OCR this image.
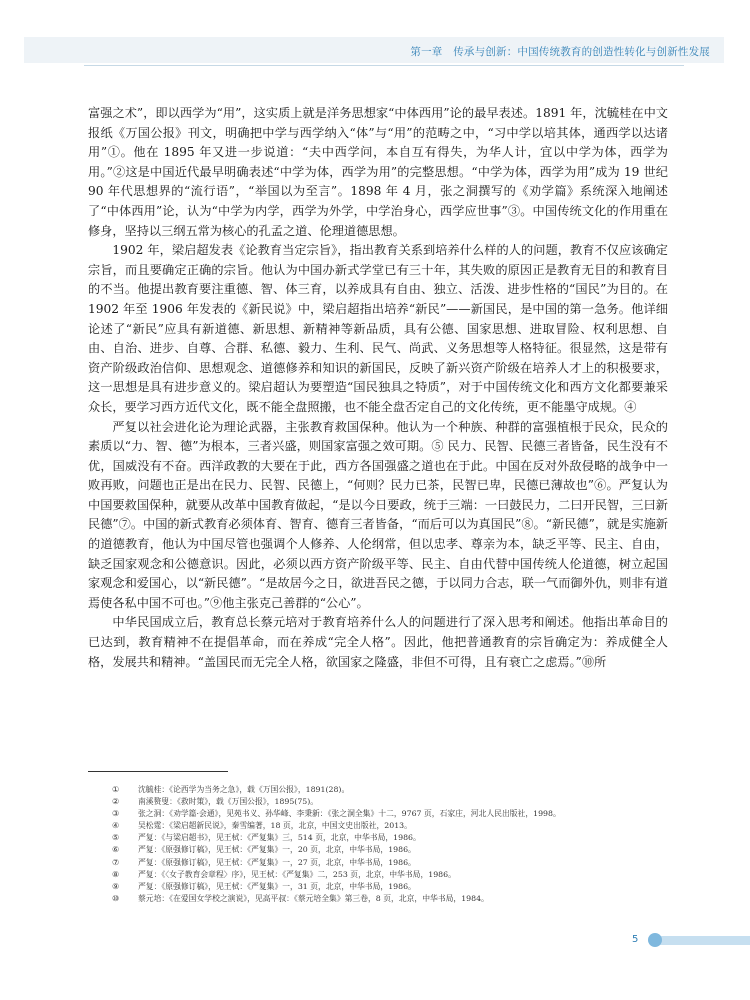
第一章　传承与创新：中国传统教育的创造性转化与创新性发展

富强之术”，即以西学为“用”，这实质上就是洋务思想家“中体西用”论的最早表述。1891 年，沈毓桂在中文报纸《万国公报》刊文，明确把中学与西学纳入“体”与“用”的范畴之中，“习中学以培其体，通西学以达诸用”①。他在 1895 年又进一步说道：“夫中西学问，本自互有得失，为华人计，宜以中学为体，西学为用。”②这是中国近代最早明确表述“中学为体，西学为用”的完整思想。“中学为体，西学为用”成为 19 世纪 90 年代思想界的“流行语”，“举国以为至言”。1898 年 4 月，张之洞撰写的《劝学篇》系统深入地阐述了“中体西用”论，认为“中学为内学，西学为外学，中学治身心，西学应世事”③。中国传统文化的作用重在修身，坚持以三纲五常为核心的孔孟之道、伦理道德思想。

1902 年，梁启超发表《论教育当定宗旨》，指出教育关系到培养什么样的人的问题，教育不仅应该确定宗旨，而且要确定正确的宗旨。他认为中国办新式学堂已有三十年，其失败的原因正是教育无目的和教育目的不当。他提出教育要注重德、智、体三育，以养成具有自由、独立、活泼、进步性格的“国民”为目的。在 1902 年至 1906 年发表的《新民说》中，梁启超指出培养“新民”——新国民，是中国的第一急务。他详细论述了“新民”应具有新道德、新思想、新精神等新品质，具有公德、国家思想、进取冒险、权利思想、自由、自治、进步、自尊、合群、私德、毅力、生利、民气、尚武、义务思想等人格特征。很显然，这是带有资产阶级政治信仰、思想观念、道德修养和知识的新国民，反映了新兴资产阶级在培养人才上的积极要求，这一思想是具有进步意义的。梁启超认为要塑造“国民独具之特质”，对于中国传统文化和西方文化都要兼采众长，要学习西方近代文化，既不能全盘照搬，也不能全盘否定自己的文化传统，更不能墨守成规。④

严复以社会进化论为理论武器，主张教育救国保种。他认为一个种族、种群的富强植根于民众，民众的素质以“力、智、德”为根本，三者兴盛，则国家富强之效可期。⑤ 民力、民智、民德三者皆备，民生没有不优，国威没有不奋。西洋政教的大要在于此，西方各国强盛之道也在于此。中国在反对外敌侵略的战争中一败再败，问题也正是出在民力、民智、民德上，“何则？民力已茶，民智已卑，民德已薄故也”⑥。严复认为中国要救国保种，就要从改革中国教育做起，“是以今日要政，统于三端：一曰鼓民力，二曰开民智，三曰新民德”⑦。中国的新式教育必须体育、智育、德育三者皆备，“而后可以为真国民”⑧。“新民德”，就是实施新的道德教育，他认为中国尽管也强调个人修养、人伦纲常，但以忠孝、尊亲为本，缺乏平等、民主、自由，缺乏国家观念和公德意识。因此，必须以西方资产阶级平等、民主、自由代替中国传统人伦道德，树立起国家观念和爱国心，以“新民德”。“是故居今之日，欲进吾民之德，于以同力合志，联一气而御外仇，则非有道焉使各私中国不可也。”⑨他主张克己善群的“公心”。

中华民国成立后，教育总长蔡元培对于教育培养什么人的问题进行了深入思考和阐述。他指出革命目的已达到，教育精神不在提倡革命，而在养成“完全人格”。因此，他把普通教育的宗旨确定为：养成健全人格，发展共和精神。“盖国民而无完全人格，欲国家之隆盛，非但不可得，且有衰亡之虑焉。”⑩所

①	沈毓桂：《论西学为当务之急》，载《万国公报》，1891(28)。
②	南溪赘叟：《救时策》，载《万国公报》，1895(75)。
③	张之洞：《劝学篇·会通》，见苑书义、孙华峰、李秉新：《张之洞全集》十二，9767 页，石家庄，河北人民出版社，1998。
④	吴松霆：《梁启超新民说》，秦雪编著，18 页，北京，中国文史出版社，2013。
⑤	严复：《与梁启超书》，见王栻：《严复集》三，514 页，北京，中华书局，1986。
⑥	严复：《原强修订稿》，见王栻：《严复集》一，20 页，北京，中华书局，1986。
⑦	严复：《原强修订稿》，见王栻：《严复集》一，27 页，北京，中华书局，1986。
⑧	严复：《〈女子教育会章程〉序》，见王栻：《严复集》二，253 页，北京，中华书局，1986。
⑨	严复：《原强修订稿》，见王栻：《严复集》一，31 页，北京，中华书局，1986。
⑩	蔡元培：《在爱国女学校之演说》，见高平叔：《蔡元培全集》第三卷，8 页，北京，中华书局，1984。
5
